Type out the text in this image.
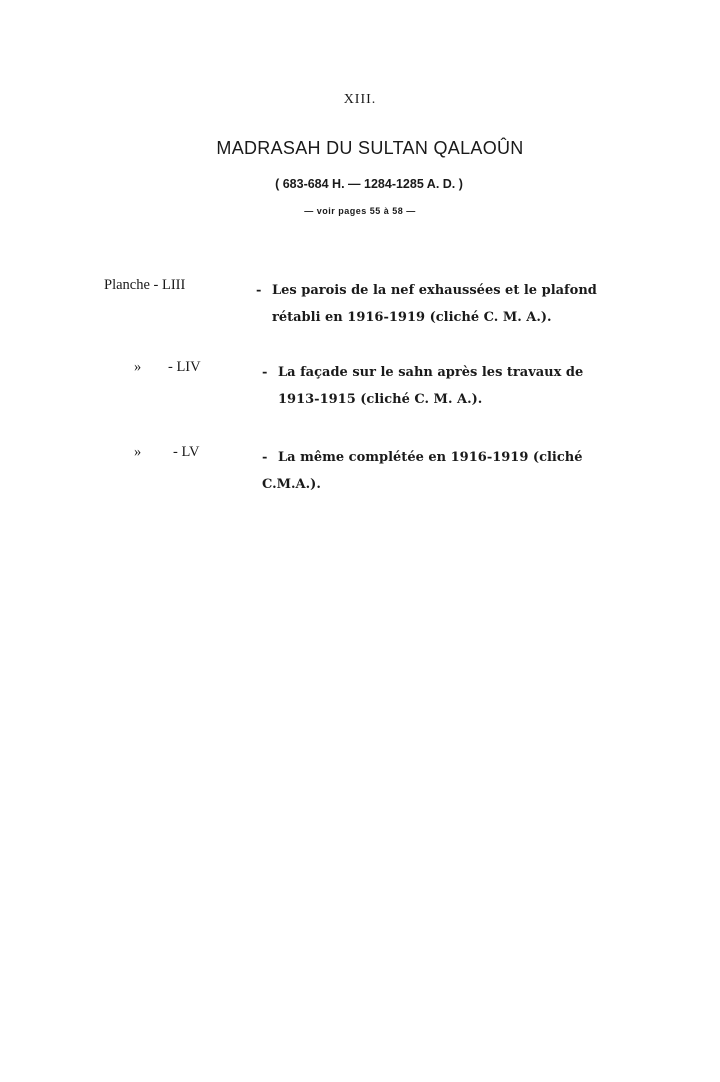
XIII.
MADRASAH DU SULTAN QALAOÛN
( 683-684 H. — 1284-1285 A. D. )
— voir pages 55 à 58 —
Planche - LIII	- Les parois de la nef exhaussées et le plafond
rétabli en 1916-1919 (cliché C. M. A.).
» - LIV	- La façade sur le sahn après les travaux de
1913-1915 (cliché C. M. A.).
» - LV	- La même complétée en 1916-1919 (cliché C.M.A.).
